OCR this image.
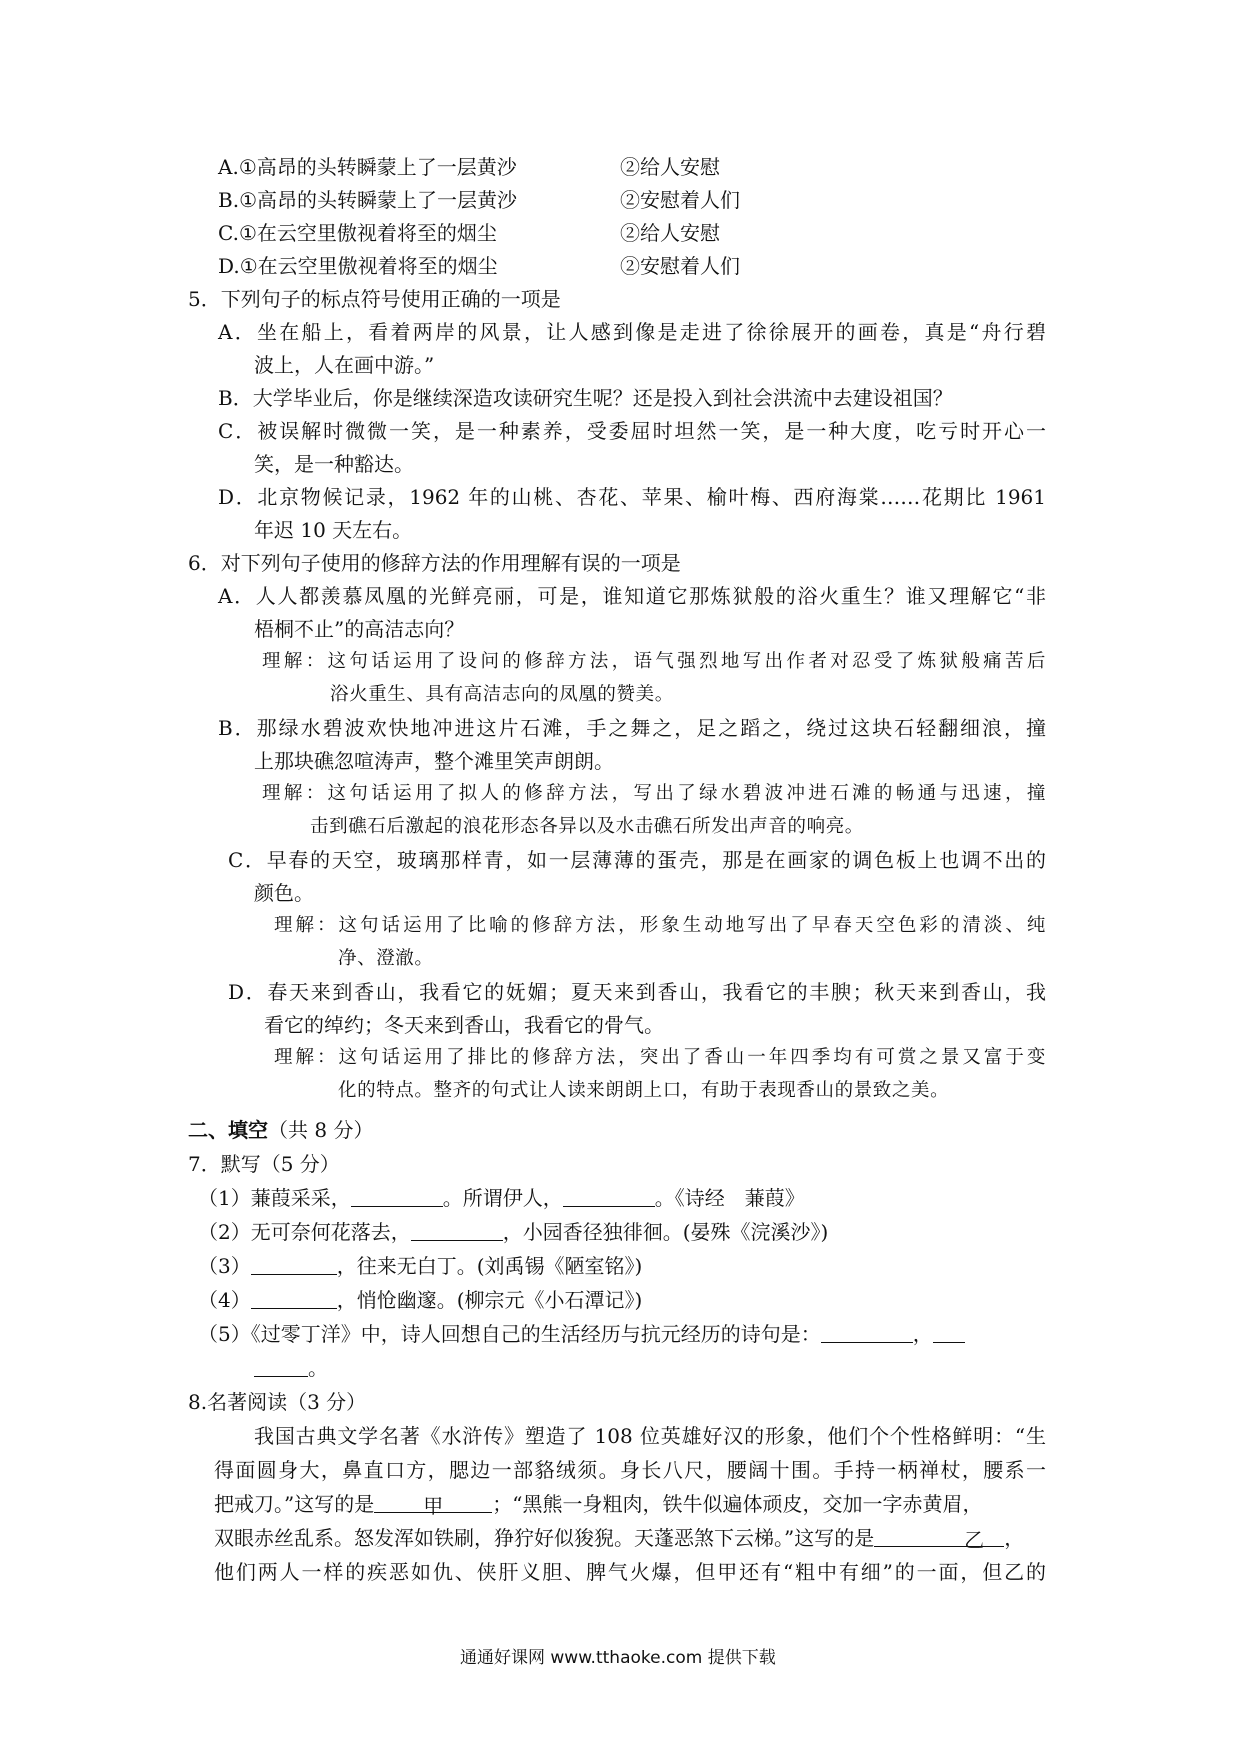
A.①高昂的头转瞬蒙上了一层黄沙	②给人安慰
B.①高昂的头转瞬蒙上了一层黄沙	②安慰着人们
C.①在云空里傲视着将至的烟尘	②给人安慰
D.①在云空里傲视着将至的烟尘	②安慰着人们
5．下列句子的标点符号使用正确的一项是
A．坐在船上，看着两岸的风景，让人感到像是走进了徐徐展开的画卷，真是“舟行碧
波上，人在画中游。”
B．大学毕业后，你是继续深造攻读研究生呢？还是投入到社会洪流中去建设祖国？
C．被误解时微微一笑，是一种素养，受委屈时坦然一笑，是一种大度，吃亏时开心一
笑，是一种豁达。
D．北京物候记录，1962 年的山桃、杏花、苹果、榆叶梅、西府海棠……花期比 1961
年迟 10 天左右。
6．对下列句子使用的修辞方法的作用理解有误的一项是
A．人人都羡慕凤凰的光鲜亮丽，可是，谁知道它那炼狱般的浴火重生？谁又理解它“非
梧桐不止”的高洁志向？
理解：这句话运用了设问的修辞方法，语气强烈地写出作者对忍受了炼狱般痛苦后
浴火重生、具有高洁志向的凤凰的赞美。
B．那绿水碧波欢快地冲进这片石滩，手之舞之，足之蹈之，绕过这块石轻翻细浪，撞
上那块礁忽喧涛声，整个滩里笑声朗朗。
理解：这句话运用了拟人的修辞方法，写出了绿水碧波冲进石滩的畅通与迅速，撞
击到礁石后激起的浪花形态各异以及水击礁石所发出声音的响亮。
C．早春的天空，玻璃那样青，如一层薄薄的蛋壳，那是在画家的调色板上也调不出的
颜色。
理解：这句话运用了比喻的修辞方法，形象生动地写出了早春天空色彩的清淡、纯
净、澄澈。
D．春天来到香山，我看它的妩媚；夏天来到香山，我看它的丰腴；秋天来到香山，我
看它的绰约；冬天来到香山，我看它的骨气。
理解：这句话运用了排比的修辞方法，突出了香山一年四季均有可赏之景又富于变
化的特点。整齐的句式让人读来朗朗上口，有助于表现香山的景致之美。
二、填空（共 8 分）
7．默写（5 分）
（1）蒹葭采采，	。所谓伊人，	。《诗经　蒹葭》
（2）无可奈何花落去，	，小园香径独徘徊。(晏殊《浣溪沙》)
（3）	，往来无白丁。(刘禹锡《陋室铭》)
（4）	，悄怆幽邃。(柳宗元《小石潭记》)
（5）《过零丁洋》中，诗人回想自己的生活经历与抗元经历的诗句是：	，
。
8.名著阅读（3 分）
我国古典文学名著《水浒传》塑造了 108 位英雄好汉的形象，他们个个性格鲜明：“生
得面圆身大，鼻直口方，腮边一部貉绒须。身长八尺，腰阔十围。手持一柄禅杖，腰系一
把戒刀。”这写的是 甲 ；“黑熊一身粗肉，铁牛似遍体顽皮，交加一字赤黄眉，
双眼赤丝乱系。怒发浑如铁刷，狰狞好似狻猊。天蓬恶煞下云梯。”这写的是	乙  ，
他们两人一样的疾恶如仇、侠肝义胆、脾气火爆，但甲还有“粗中有细”的一面，但乙的
通通好课网 www.tthaoke.com 提供下载
